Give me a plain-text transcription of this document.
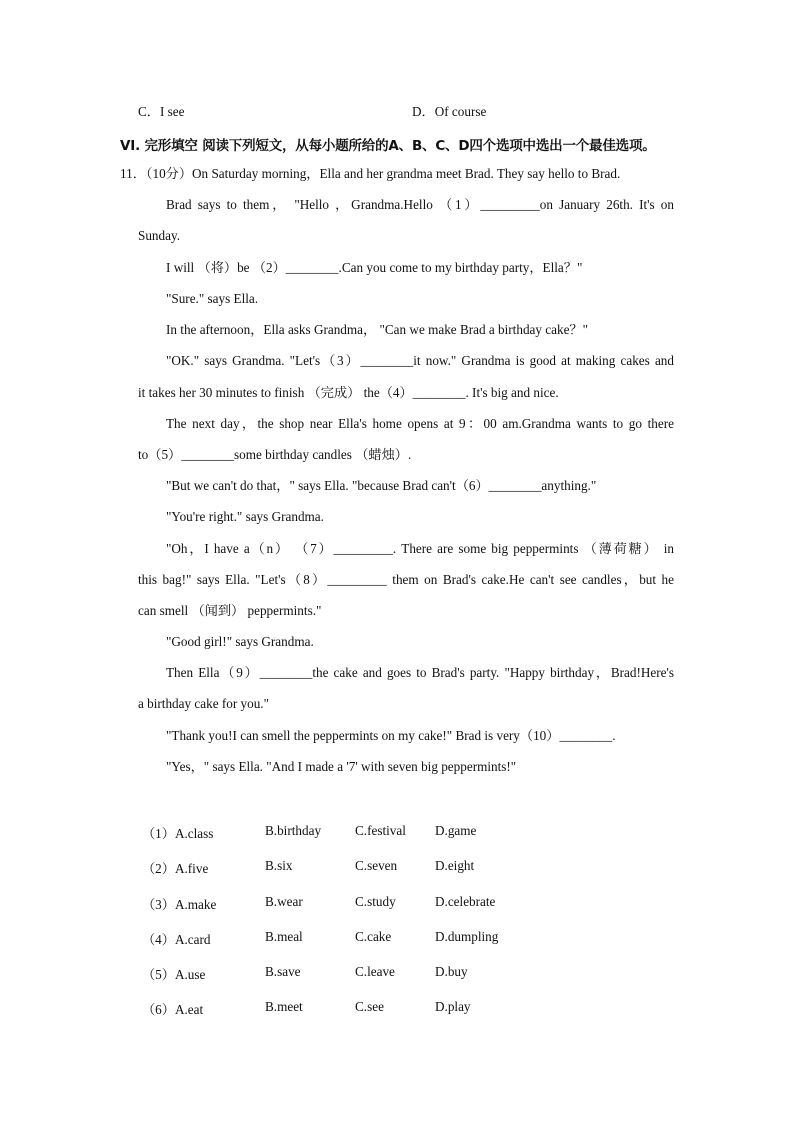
C．I see	D．Of course
VI. 完形填空 阅读下列短文，从每小题所给的A、B、C、D四个选项中选出一个最佳选项。
11．（10分）On Saturday morning，Ella and her grandma meet Brad. They say hello to Brad.
Brad says to them， "Hello ，Grandma.Hello （1）_________on January 26th. It's on
Sunday.
I will （将）be （2）________.Can you come to my birthday party，Ella？"
"Sure." says Ella.
In the afternoon，Ella asks Grandma， "Can we make Brad a birthday cake？"
"OK." says Grandma. "Let's（3）________it now." Grandma is good at making cakes and
it takes her 30 minutes to finish （完成） the（4）________. It's big and nice.
The next day，the shop near Ella's home opens at 9：00 am.Grandma wants to go there
to（5）________some birthday candles （蜡烛）.
"But we can't do that，" says Ella. "because Brad can't（6）________anything."
"You're right." says Grandma.
"Oh，I have a（n） （7）_________. There are some big peppermints （薄荷糖） in
this bag!" says Ella. "Let's（8）_________ them on Brad's cake.He can't see candles，but he
can smell （闻到） peppermints."
"Good girl!" says Grandma.
Then Ella（9）________the cake and goes to Brad's party. "Happy birthday，Brad!Here's
a birthday cake for you."
"Thank you!I can smell the peppermints on my cake!" Brad is very（10）________.
"Yes，" says Ella. "And I made a '7' with seven big peppermints!"
（1）A.class	B.birthday	C.festival D.game
（2）A.five	B.six	C.seven	D.eight
（3）A.make	B.wear	C.study	D.celebrate
（4）A.card	B.meal	C.cake	D.dumpling
（5）A.use	B.save	C.leave	D.buy
（6）A.eat	B.meet	C.see	D.play
